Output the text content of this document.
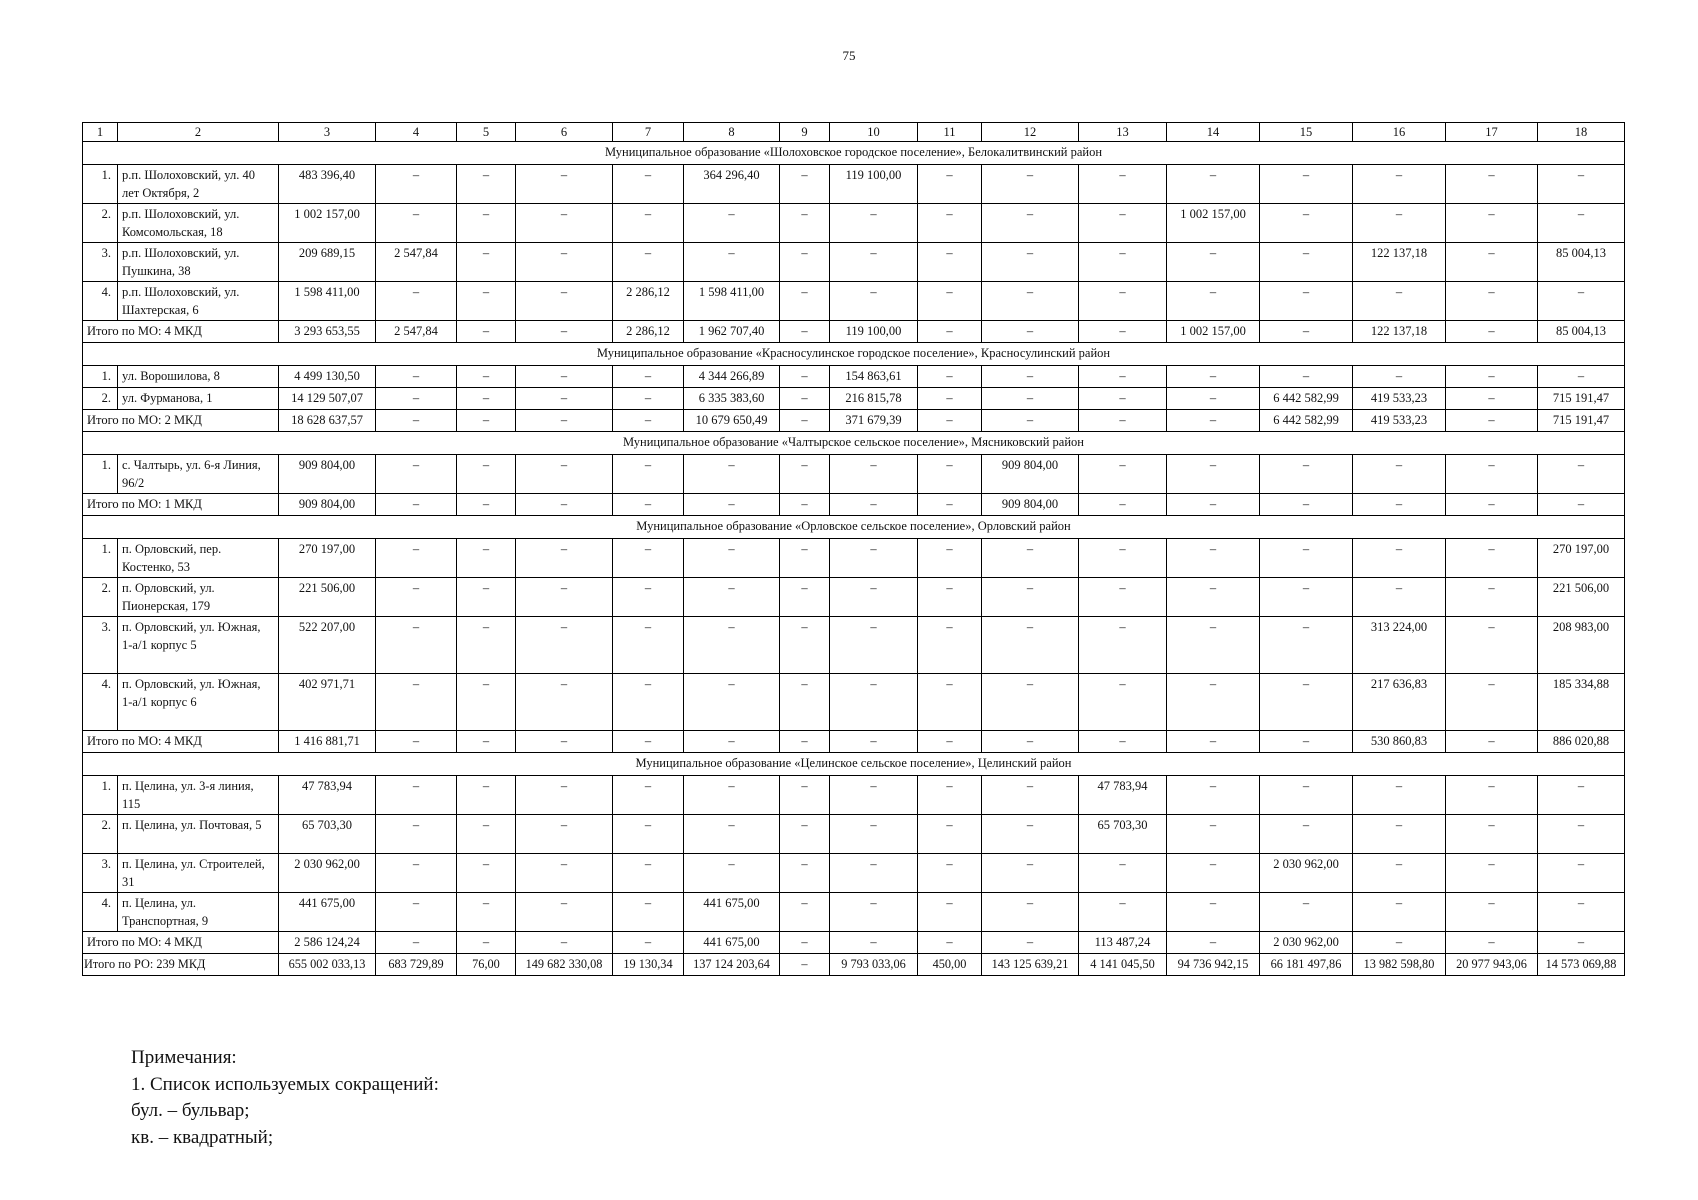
75
1	2	3	4	5	6	7	8	9	10	11	12	13	14	15	16	17	18
Муниципальное образование «Шолоховское городское поселение», Белокалитвинский район																	
1.	р.п. Шолоховский, ул. 40 лет Октября, 2	483 396,40	–	–	–	–	364 296,40	–	119 100,00	–	–	–	–	–	–	–	–
2.	р.п. Шолоховский, ул. Комсомольская, 18	1 002 157,00	–	–	–	–	–	–	–	–	–	–	1 002 157,00	–	–	–	–
3.	р.п. Шолоховский, ул. Пушкина, 38	209 689,15	2 547,84	–	–	–	–	–	–	–	–	–	–	–	122 137,18	–	85 004,13
4.	р.п. Шолоховский, ул. Шахтерская, 6	1 598 411,00	–	–	–	2 286,12	1 598 411,00	–	–	–	–	–	–	–	–	–	–
Итого по МО: 4 МКД		3 293 653,55	2 547,84	–	–	2 286,12	1 962 707,40	–	119 100,00	–	–	–	1 002 157,00	–	122 137,18	–	85 004,13
Муниципальное образование «Красносулинское городское поселение», Красносулинский район																	
1.	ул. Ворошилова, 8	4 499 130,50	–	–	–	–	4 344 266,89	–	154 863,61	–	–	–	–	–	–	–	–
2.	ул. Фурманова, 1	14 129 507,07	–	–	–	–	6 335 383,60	–	216 815,78	–	–	–	–	6 442 582,99	419 533,23	–	715 191,47
Итого по МО: 2 МКД		18 628 637,57	–	–	–	–	10 679 650,49	–	371 679,39	–	–	–	–	6 442 582,99	419 533,23	–	715 191,47
Муниципальное образование «Чалтырское сельское поселение», Мясниковский район																	
1.	с. Чалтырь, ул. 6-я Линия, 96/2	909 804,00	–	–	–	–	–	–	–	–	909 804,00	–	–	–	–	–	–
Итого по МО: 1 МКД		909 804,00	–	–	–	–	–	–	–	–	909 804,00	–	–	–	–	–	–
Муниципальное образование «Орловское сельское поселение», Орловский район																	
1.	п. Орловский, пер. Костенко, 53	270 197,00	–	–	–	–	–	–	–	–	–	–	–	–	–	–	270 197,00
2.	п. Орловский, ул. Пионерская, 179	221 506,00	–	–	–	–	–	–	–	–	–	–	–	–	–	–	221 506,00
3.	п. Орловский, ул. Южная, 1-а/1 корпус 5	522 207,00	–	–	–	–	–	–	–	–	–	–	–	–	313 224,00	–	208 983,00
4.	п. Орловский, ул. Южная, 1-а/1 корпус 6	402 971,71	–	–	–	–	–	–	–	–	–	–	–	–	217 636,83	–	185 334,88
Итого по МО: 4 МКД		1 416 881,71	–	–	–	–	–	–	–	–	–	–	–	–	530 860,83	–	886 020,88
Муниципальное образование «Целинское сельское поселение», Целинский район																	
1.	п. Целина, ул. 3-я линия, 115	47 783,94	–	–	–	–	–	–	–	–	–	47 783,94	–	–	–	–	–
2.	п. Целина, ул. Почтовая, 5	65 703,30	–	–	–	–	–	–	–	–	–	65 703,30	–	–	–	–	–
3.	п. Целина, ул. Строителей, 31	2 030 962,00	–	–	–	–	–	–	–	–	–	–	–	2 030 962,00	–	–	–
4.	п. Целина, ул. Транспортная, 9	441 675,00	–	–	–	–	441 675,00	–	–	–	–	–	–	–	–	–	–
Итого по МО: 4 МКД		2 586 124,24	–	–	–	–	441 675,00	–	–	–	–	113 487,24	–	2 030 962,00	–	–	–
Итого по РО: 239 МКД		655 002 033,13	683 729,89	76,00	149 682 330,08	19 130,34	137 124 203,64	–	9 793 033,06	450,00	143 125 639,21	4 141 045,50	94 736 942,15	66 181 497,86	13 982 598,80	20 977 943,06	14 573 069,88
Примечания:
1. Список используемых сокращений:
бул. – бульвар;
кв. – квадратный;
